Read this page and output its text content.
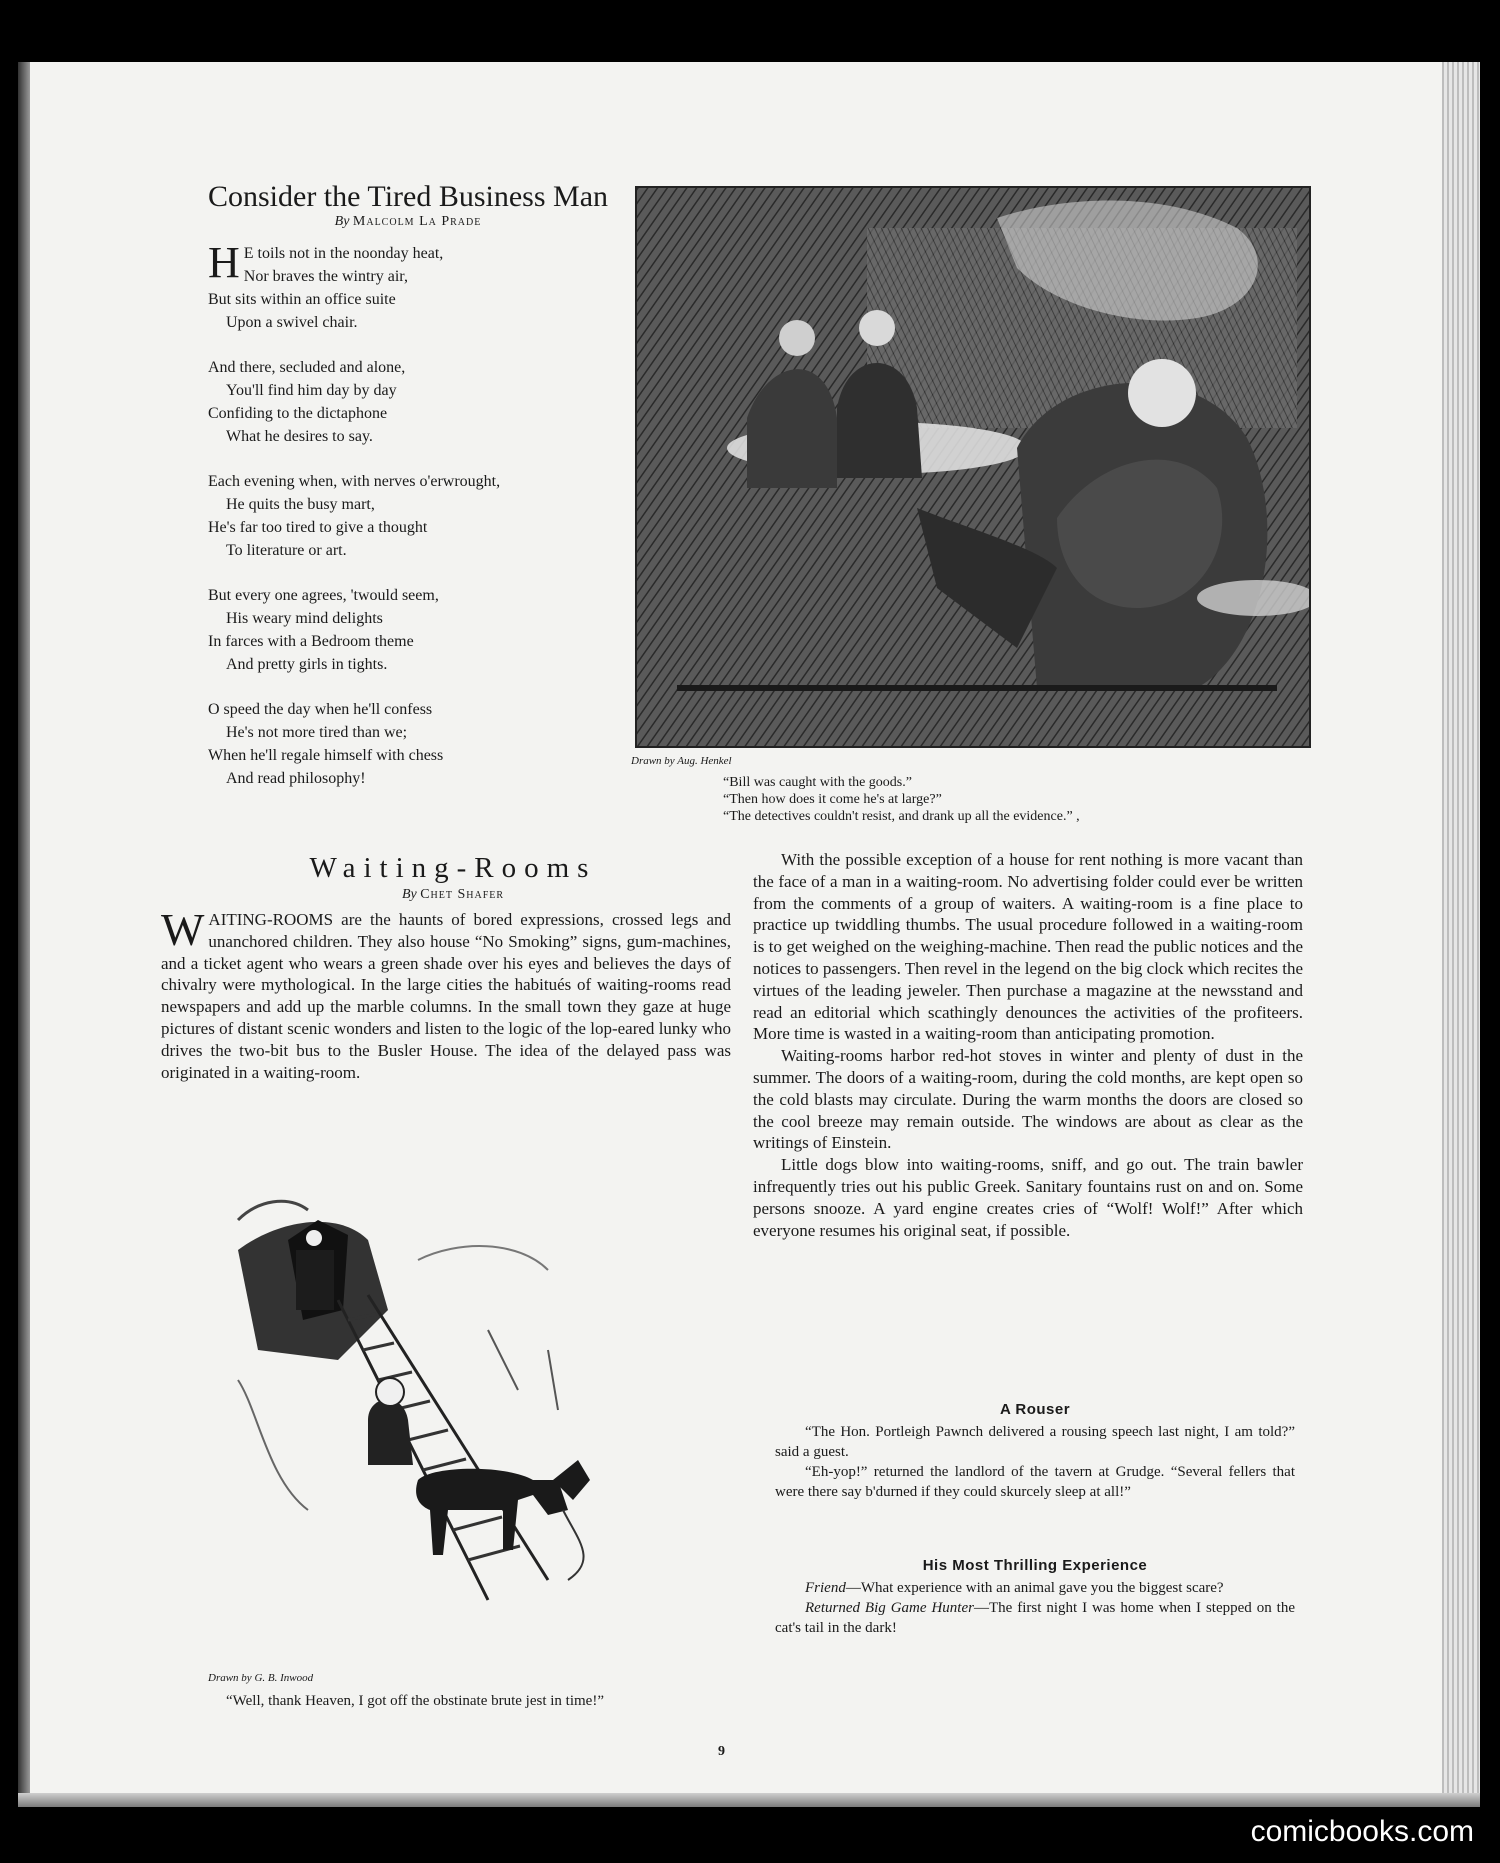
Consider the Tired Business Man
By Malcolm La Prade
H E toils not in the noonday heat,
Nor braves the wintry air,
But sits within an office suite
Upon a swivel chair.
And there, secluded and alone,
You'll find him day by day
Confiding to the dictaphone
What he desires to say.
Each evening when, with nerves o'erwrought,
He quits the busy mart,
He's far too tired to give a thought
To literature or art.
But every one agrees, 'twould seem,
His weary mind delights
In farces with a Bedroom theme
And pretty girls in tights.
O speed the day when he'll confess
He's not more tired than we;
When he'll regale himself with chess
And read philosophy!
Drawn by Aug. Henkel
“Bill was caught with the goods.”
“Then how does it come he's at large?”
“The detectives couldn't resist, and drank up all the evidence.” ,
Waiting-Rooms
By Chet Shafer

WAITING-ROOMS are the haunts of bored expressions, crossed legs and unanchored children. They also house “No Smoking” signs, gum-machines, and a ticket agent who wears a green shade over his eyes and believes the days of chivalry were mythological. In the large cities the habitués of waiting-rooms read newspapers and add up the marble columns. In the small town they gaze at huge pictures of distant scenic wonders and listen to the logic of the lop-eared lunky who drives the two-bit bus to the Busler House. The idea of the delayed pass was originated in a waiting-room.

With the possible exception of a house for rent nothing is more vacant than the face of a man in a waiting-room. No advertising folder could ever be written from the comments of a group of waiters. A waiting-room is a fine place to practice up twiddling thumbs. The usual procedure followed in a waiting-room is to get weighed on the weighing-machine. Then read the public notices and the notices to passengers. Then revel in the legend on the big clock which recites the virtues of the leading jeweler. Then purchase a magazine at the newsstand and read an editorial which scathingly denounces the activities of the profiteers. More time is wasted in a waiting-room than anticipating promotion.

Waiting-rooms harbor red-hot stoves in winter and plenty of dust in the summer. The doors of a waiting-room, during the cold months, are kept open so the cold blasts may circulate. During the warm months the doors are closed so the cool breeze may remain outside. The windows are about as clear as the writings of Einstein.

Little dogs blow into waiting-rooms, sniff, and go out. The train bawler infrequently tries out his public Greek. Sanitary fountains rust on and on. Some persons snooze. A yard engine creates cries of “Wolf! Wolf!” After which everyone resumes his original seat, if possible.

Drawn by G. B. Inwood
“Well, thank Heaven, I got off the obstinate brute jest in time!”
A Rouser

“The Hon. Portleigh Pawnch delivered a rousing speech last night, I am told?” said a guest.

“Eh-yop!” returned the landlord of the tavern at Grudge. “Several fellers that were there say b'durned if they could skurcely sleep at all!”

His Most Thrilling Experience

Friend—What experience with an animal gave you the biggest scare?

Returned Big Game Hunter—The first night I was home when I stepped on the cat's tail in the dark!

9
comicbooks.com
